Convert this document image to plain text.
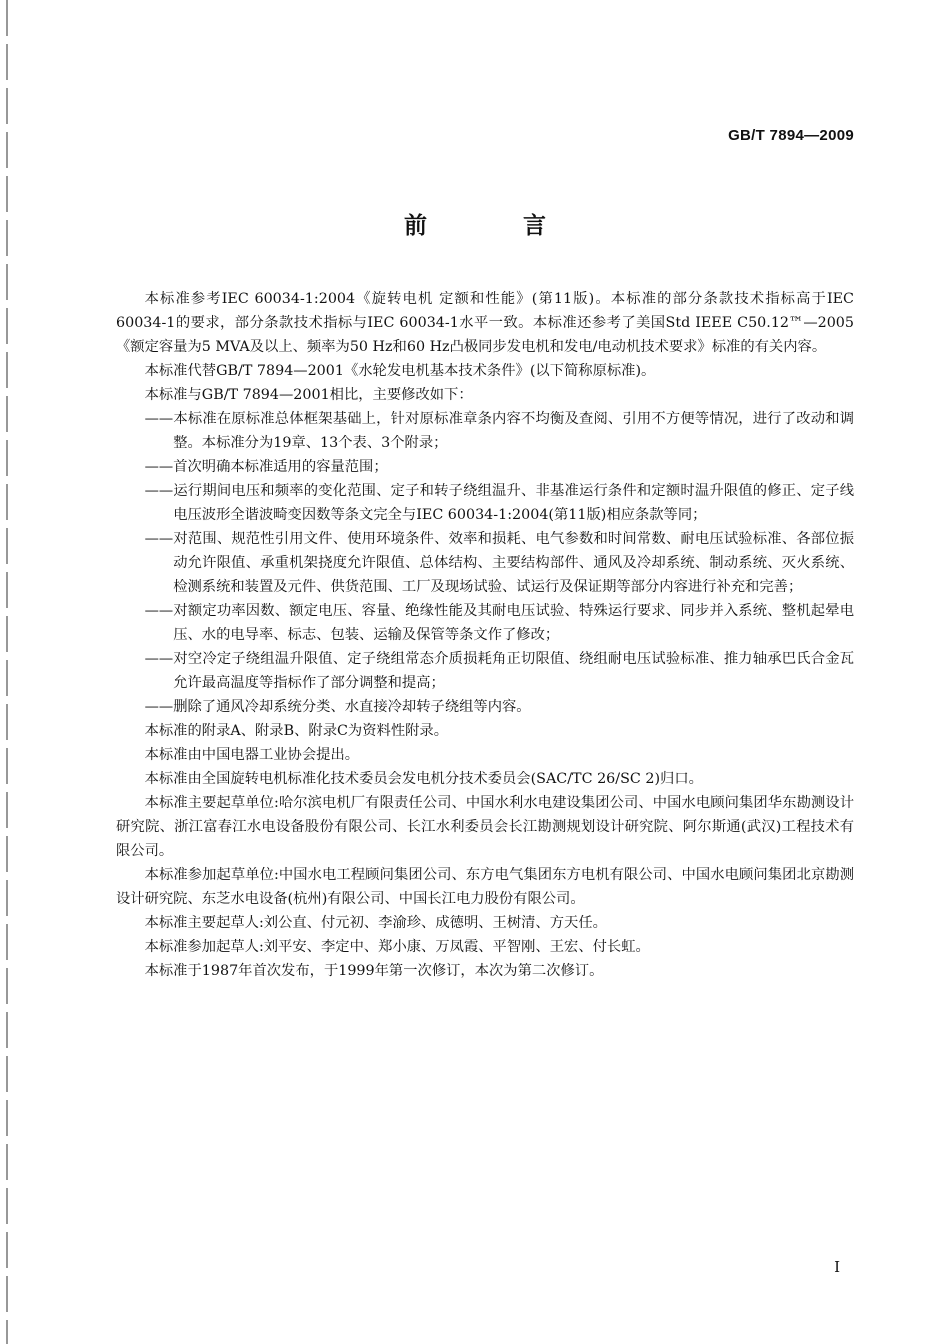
GB/T 7894—2009
前 言

本标准参考IEC 60034-1:2004《旋转电机 定额和性能》(第11版)。本标准的部分条款技术指标高于IEC 60034-1的要求，部分条款技术指标与IEC 60034-1水平一致。本标准还参考了美国Std IEEE C50.12™—2005《额定容量为5 MVA及以上、频率为50 Hz和60 Hz凸极同步发电机和发电/电动机技术要求》标准的有关内容。

本标准代替GB/T 7894—2001《水轮发电机基本技术条件》(以下简称原标准)。

本标准与GB/T 7894—2001相比，主要修改如下：

——本标准在原标准总体框架基础上，针对原标准章条内容不均衡及查阅、引用不方便等情况，进行了改动和调整。本标准分为19章、13个表、3个附录；

——首次明确本标准适用的容量范围；

——运行期间电压和频率的变化范围、定子和转子绕组温升、非基准运行条件和定额时温升限值的修正、定子线电压波形全谐波畸变因数等条文完全与IEC 60034-1:2004(第11版)相应条款等同；

——对范围、规范性引用文件、使用环境条件、效率和损耗、电气参数和时间常数、耐电压试验标准、各部位振动允许限值、承重机架挠度允许限值、总体结构、主要结构部件、通风及冷却系统、制动系统、灭火系统、检测系统和装置及元件、供货范围、工厂及现场试验、试运行及保证期等部分内容进行补充和完善；

——对额定功率因数、额定电压、容量、绝缘性能及其耐电压试验、特殊运行要求、同步并入系统、整机起晕电压、水的电导率、标志、包装、运输及保管等条文作了修改；

——对空冷定子绕组温升限值、定子绕组常态介质损耗角正切限值、绕组耐电压试验标准、推力轴承巴氏合金瓦允许最高温度等指标作了部分调整和提高；

——删除了通风冷却系统分类、水直接冷却转子绕组等内容。

本标准的附录A、附录B、附录C为资料性附录。

本标准由中国电器工业协会提出。

本标准由全国旋转电机标准化技术委员会发电机分技术委员会(SAC/TC 26/SC 2)归口。

本标准主要起草单位:哈尔滨电机厂有限责任公司、中国水利水电建设集团公司、中国水电顾问集团华东勘测设计研究院、浙江富春江水电设备股份有限公司、长江水利委员会长江勘测规划设计研究院、阿尔斯通(武汉)工程技术有限公司。

本标准参加起草单位:中国水电工程顾问集团公司、东方电气集团东方电机有限公司、中国水电顾问集团北京勘测设计研究院、东芝水电设备(杭州)有限公司、中国长江电力股份有限公司。

本标准主要起草人:刘公直、付元初、李渝珍、成德明、王树清、方天任。

本标准参加起草人:刘平安、李定中、郑小康、万凤霞、平智刚、王宏、付长虹。

本标准于1987年首次发布，于1999年第一次修订，本次为第二次修订。

I
